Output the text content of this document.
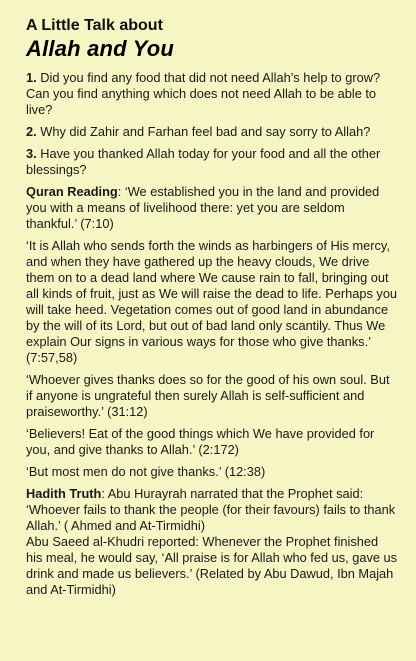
A Little Talk about
Allah and You

1. Did you find any food that did not need Allah’s help to grow? Can you find anything which does not need Allah to be able to live?

2. Why did Zahir and Farhan feel bad and say sorry to Allah?

3. Have you thanked Allah today for your food and all the other blessings?

Quran Reading: ‘We established you in the land and provided you with a means of livelihood there: yet you are seldom thankful.’ (7:10)

‘It is Allah who sends forth the winds as harbingers of His mercy, and when they have gathered up the heavy clouds, We drive them on to a dead land where We cause rain to fall, bringing out all kinds of fruit, just as We will raise the dead to life. Perhaps you will take heed. Vegetation comes out of good land in abundance by the will of its Lord, but out of bad land only scantily. Thus We explain Our signs in various ways for those who give thanks.’ (7:57,58)

‘Whoever gives thanks does so for the good of his own soul. But if anyone is ungrateful then surely Allah is self-sufficient and praiseworthy.’ (31:12)

‘Believers! Eat of the good things which We have provided for you, and give thanks to Allah.’ (2:172)

‘But most men do not give thanks.’ (12:38)

Hadith Truth: Abu Hurayrah narrated that the Prophet said: ‘Whoever fails to thank the people (for their favours) fails to thank Allah.’ ( Ahmed and At-Tirmidhi)

Abu Saeed al-Khudri reported: Whenever the Prophet finished his meal, he would say, ‘All praise is for Allah who fed us, gave us drink and made us believers.’ (Related by Abu Dawud, Ibn Majah and At-Tirmidhi)
